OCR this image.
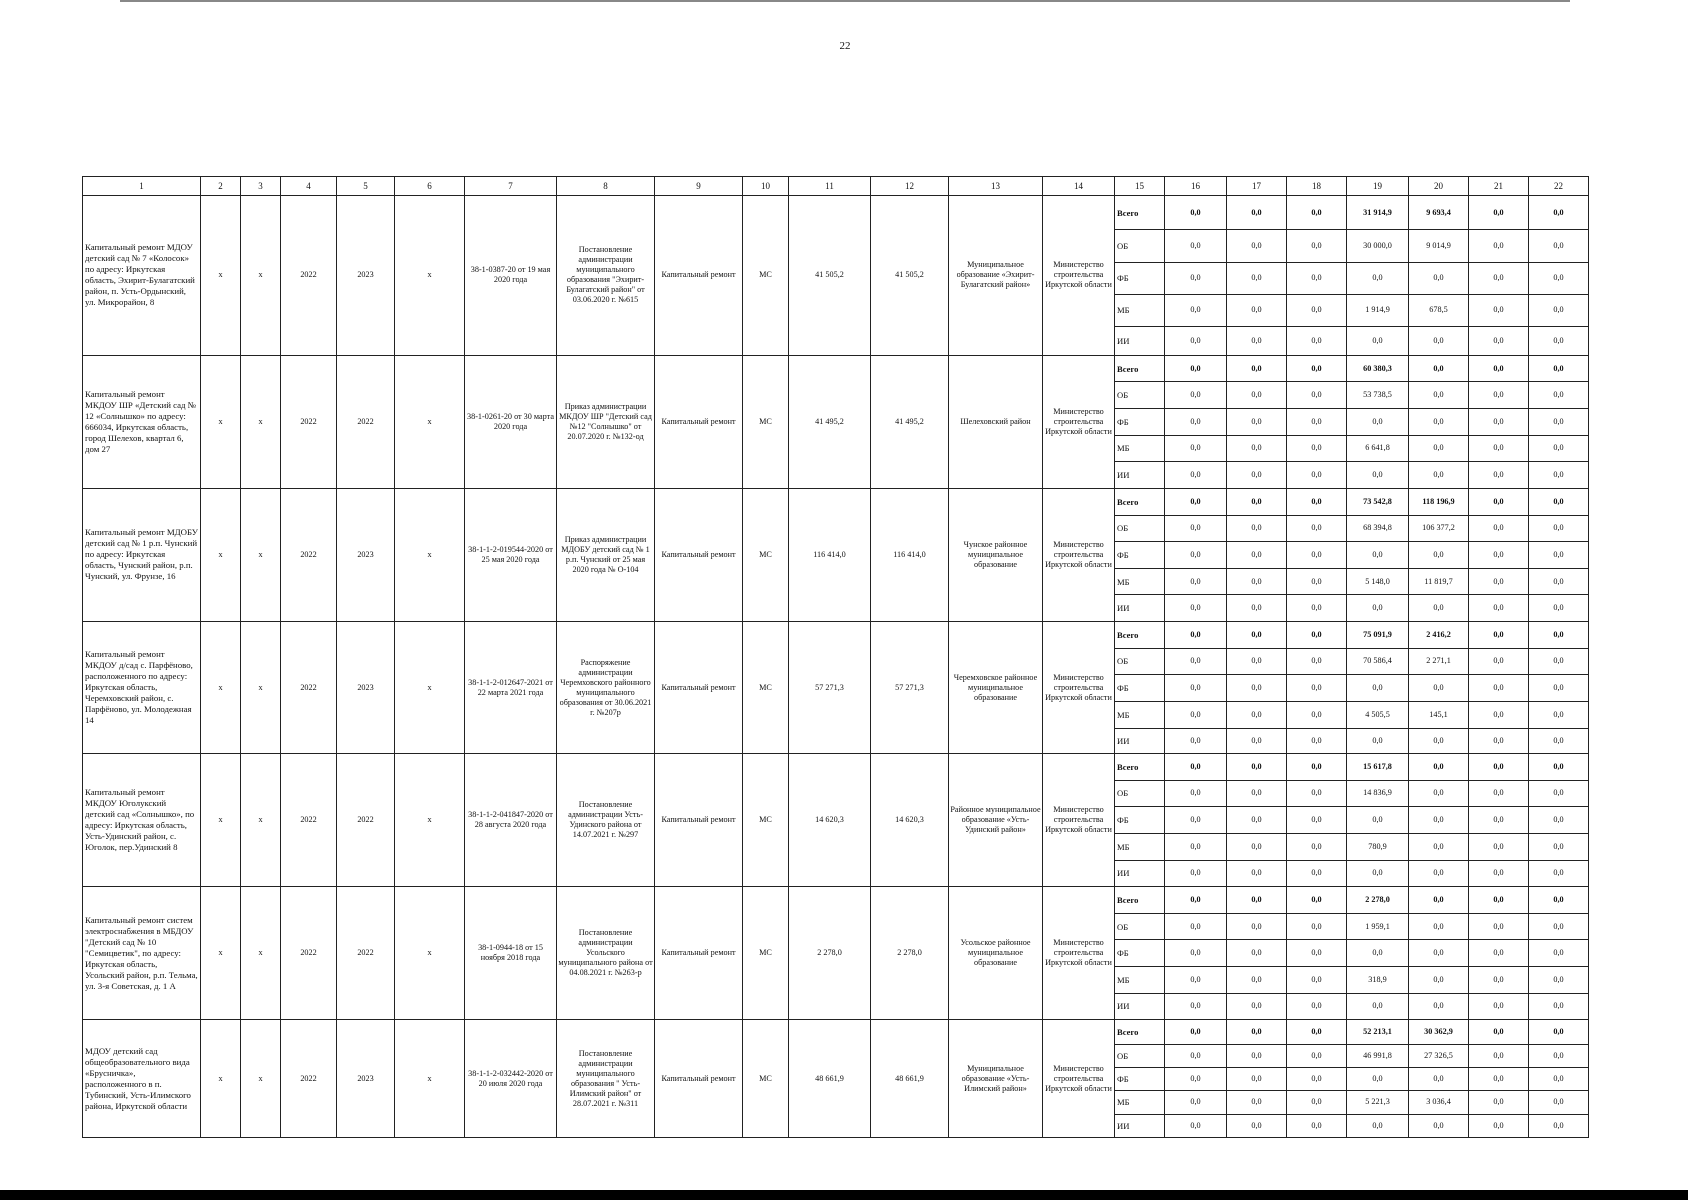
22
1	2	3	4	5	6	7	8	9	10	11	12	13	14	15	16	17	18	19	20	21	22
Капитальный ремонт МДОУ детский сад № 7 «Колосок» по адресу: Иркутская область, Эхирит-Булагатский район, п. Усть-Ордынский, ул. Микрорайон, 8	x	x	2022	2023	x	38-1-0387-20 от 19 мая 2020 года	Постановление администрации муниципального образования "Эхирит-Булагатский район" от 03.06.2020 г. №615	Капитальный ремонт	МС	41 505,2	41 505,2	Муниципальное образование «Эхирит-Булагатский район»	Министерство строительства Иркутской области	Всего	0,0	0,0	0,0	31 914,9	9 693,4	0,0	0,0
														ОБ	0,0	0,0	0,0	30 000,0	9 014,9	0,0	0,0
														ФБ	0,0	0,0	0,0	0,0	0,0	0,0	0,0
														МБ	0,0	0,0	0,0	1 914,9	678,5	0,0	0,0
														ИИ	0,0	0,0	0,0	0,0	0,0	0,0	0,0
Капитальный ремонт МКДОУ ШР «Детский сад № 12 «Солнышко» по адресу: 666034, Иркутская область, город Шелехов, квартал 6, дом 27	x	x	2022	2022	x	38-1-0261-20 от 30 марта 2020 года	Приказ администрации МКДОУ ШР "Детский сад №12 "Солнышко" от 20.07.2020 г. №132-од	Капитальный ремонт	МС	41 495,2	41 495,2	Шелеховский район	Министерство строительства Иркутской области	Всего	0,0	0,0	0,0	60 380,3	0,0	0,0	0,0
														ОБ	0,0	0,0	0,0	53 738,5	0,0	0,0	0,0
														ФБ	0,0	0,0	0,0	0,0	0,0	0,0	0,0
														МБ	0,0	0,0	0,0	6 641,8	0,0	0,0	0,0
														ИИ	0,0	0,0	0,0	0,0	0,0	0,0	0,0
Капитальный ремонт МДОБУ детский сад № 1 р.п. Чунский по адресу: Иркутская область, Чунский район, р.п. Чунский, ул. Фрунзе, 16	x	x	2022	2023	x	38-1-1-2-019544-2020 от 25 мая 2020 года	Приказ администрации МДОБУ детский сад № 1 р.п. Чунский от 25 мая 2020 года № О-104	Капитальный ремонт	МС	116 414,0	116 414,0	Чунское районное муниципальное образование	Министерство строительства Иркутской области	Всего	0,0	0,0	0,0	73 542,8	118 196,9	0,0	0,0
														ОБ	0,0	0,0	0,0	68 394,8	106 377,2	0,0	0,0
														ФБ	0,0	0,0	0,0	0,0	0,0	0,0	0,0
														МБ	0,0	0,0	0,0	5 148,0	11 819,7	0,0	0,0
														ИИ	0,0	0,0	0,0	0,0	0,0	0,0	0,0
Капитальный ремонт МКДОУ д/сад с. Парфёново, расположенного по адресу: Иркутская область, Черемховский район, с. Парфёново, ул. Молодежная 14	x	x	2022	2023	x	38-1-1-2-012647-2021 от 22 марта 2021 года	Распоряжение администрации Черемховского районного муниципального образования от 30.06.2021 г. №207р	Капитальный ремонт	МС	57 271,3	57 271,3	Черемховское районное муниципальное образование	Министерство строительства Иркутской области	Всего	0,0	0,0	0,0	75 091,9	2 416,2	0,0	0,0
														ОБ	0,0	0,0	0,0	70 586,4	2 271,1	0,0	0,0
														ФБ	0,0	0,0	0,0	0,0	0,0	0,0	0,0
														МБ	0,0	0,0	0,0	4 505,5	145,1	0,0	0,0
														ИИ	0,0	0,0	0,0	0,0	0,0	0,0	0,0
Капитальный ремонт МКДОУ Юголукский детский сад «Солнышко», по адресу: Иркутская область, Усть-Удинский район, с. Юголок, пер.Удинский 8	x	x	2022	2022	x	38-1-1-2-041847-2020 от 28 августа 2020 года	Постановление администрации Усть-Удинского района от 14.07.2021 г. №297	Капитальный ремонт	МС	14 620,3	14 620,3	Районное муниципальное образование «Усть-Удинский район»	Министерство строительства Иркутской области	Всего	0,0	0,0	0,0	15 617,8	0,0	0,0	0,0
														ОБ	0,0	0,0	0,0	14 836,9	0,0	0,0	0,0
														ФБ	0,0	0,0	0,0	0,0	0,0	0,0	0,0
														МБ	0,0	0,0	0,0	780,9	0,0	0,0	0,0
														ИИ	0,0	0,0	0,0	0,0	0,0	0,0	0,0
Капитальный ремонт систем электроснабжения в МБДОУ "Детский сад № 10 "Семицветик", по адресу: Иркутская область, Усольский район, р.п. Тельма, ул. 3-я Советская, д. 1 А	x	x	2022	2022	x	38-1-0944-18 от 15 ноября 2018 года	Постановление администрации Усольского муниципального района от 04.08.2021 г. №263-р	Капитальный ремонт	МС	2 278,0	2 278,0	Усольское районное муниципальное образование	Министерство строительства Иркутской области	Всего	0,0	0,0	0,0	2 278,0	0,0	0,0	0,0
														ОБ	0,0	0,0	0,0	1 959,1	0,0	0,0	0,0
														ФБ	0,0	0,0	0,0	0,0	0,0	0,0	0,0
														МБ	0,0	0,0	0,0	318,9	0,0	0,0	0,0
														ИИ	0,0	0,0	0,0	0,0	0,0	0,0	0,0
МДОУ детский сад общеобразовательного вида «Брусничка», расположенного в п. Тубинский, Усть-Илимского района, Иркутской области	x	x	2022	2023	x	38-1-1-2-032442-2020 от 20 июля 2020 года	Постановление администрации муниципального образования " Усть-Илимский район" от 28.07.2021 г. №311	Капитальный ремонт	МС	48 661,9	48 661,9	Муниципальное образование «Усть-Илимский район»	Министерство строительства Иркутской области	Всего	0,0	0,0	0,0	52 213,1	30 362,9	0,0	0,0
														ОБ	0,0	0,0	0,0	46 991,8	27 326,5	0,0	0,0
														ФБ	0,0	0,0	0,0	0,0	0,0	0,0	0,0
														МБ	0,0	0,0	0,0	5 221,3	3 036,4	0,0	0,0
														ИИ	0,0	0,0	0,0	0,0	0,0	0,0	0,0
